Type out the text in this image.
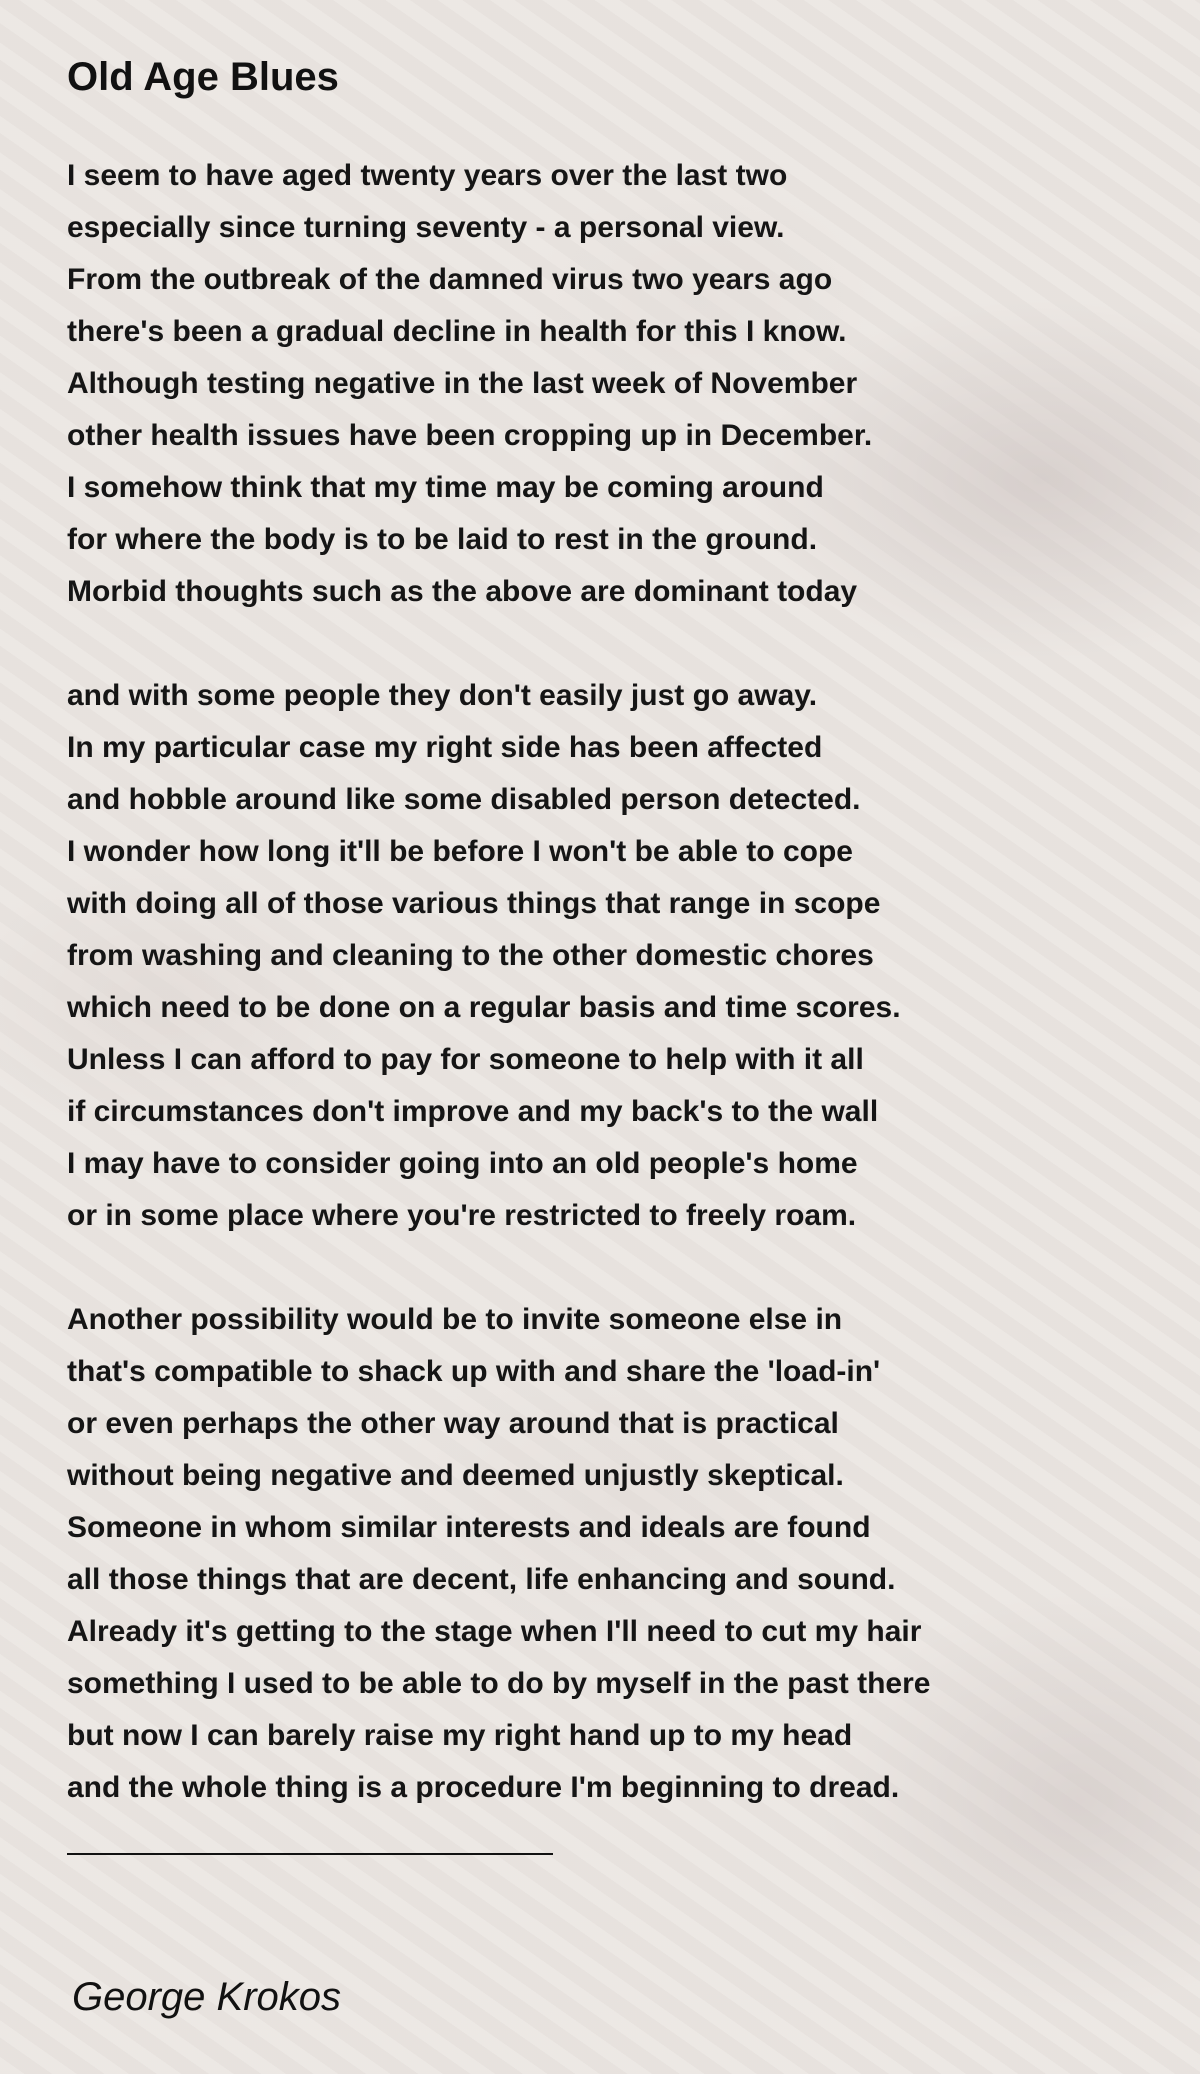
Old Age Blues
I seem to have aged twenty years over the last two
especially since turning seventy - a personal view.
From the outbreak of the damned virus two years ago
there's been a gradual decline in health for this I know.
Although testing negative in the last week of November
other health issues have been cropping up in December.
I somehow think that my time may be coming around
for where the body is to be laid to rest in the ground.
Morbid thoughts such as the above are dominant today
and with some people they don't easily just go away.
In my particular case my right side has been affected
and hobble around like some disabled person detected.
I wonder how long it'll be before I won't be able to cope
with doing all of those various things that range in scope
from washing and cleaning to the other domestic chores
which need to be done on a regular basis and time scores.
Unless I can afford to pay for someone to help with it all
if circumstances don't improve and my back's to the wall
I may have to consider going into an old people's home
or in some place where you're restricted to freely roam.
Another possibility would be to invite someone else in
that's compatible to shack up with and share the 'load-in'
or even perhaps the other way around that is practical
without being negative and deemed unjustly skeptical.
Someone in whom similar interests and ideals are found
all those things that are decent, life enhancing and sound.
Already it's getting to the stage when I'll need to cut my hair
something I used to be able to do by myself in the past there
but now I can barely raise my right hand up to my head
and the whole thing is a procedure I'm beginning to dread.
George Krokos
